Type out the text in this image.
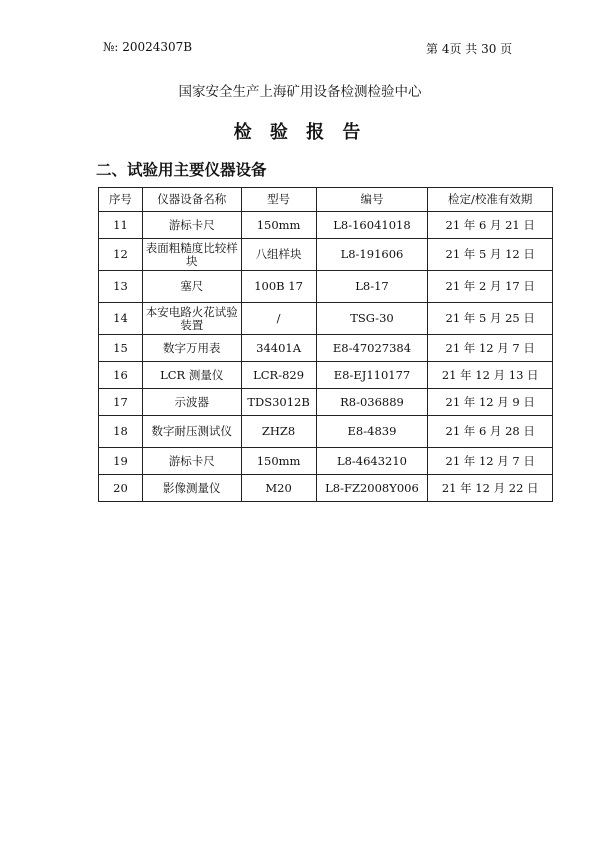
№: 20024307B	第 4页 共 30 页
国家安全生产上海矿用设备检测检验中心
检 验 报 告
二、试验用主要仪器设备
序号	仪器设备名称	型号	编号	检定/校准有效期
11	游标卡尺	150mm	L8-16041018	21 年 6 月 21 日
12	表面粗糙度比较样块	八组样块	L8-191606	21 年 5 月 12 日
13	塞尺	100B 17	L8-17	21 年 2 月 17 日
14	本安电路火花试验装置	/	TSG-30	21 年 5 月 25 日
15	数字万用表	34401A	E8-47027384	21 年 12 月 7 日
16	LCR 测量仪	LCR-829	E8-EJ110177	21 年 12 月 13 日
17	示波器	TDS3012B	R8-036889	21 年 12 月 9 日
18	数字耐压测试仪	ZHZ8	E8-4839	21 年 6 月 28 日
19	游标卡尺	150mm	L8-4643210	21 年 12 月 7 日
20	影像测量仪	M20	L8-FZ2008Y006	21 年 12 月 22 日
